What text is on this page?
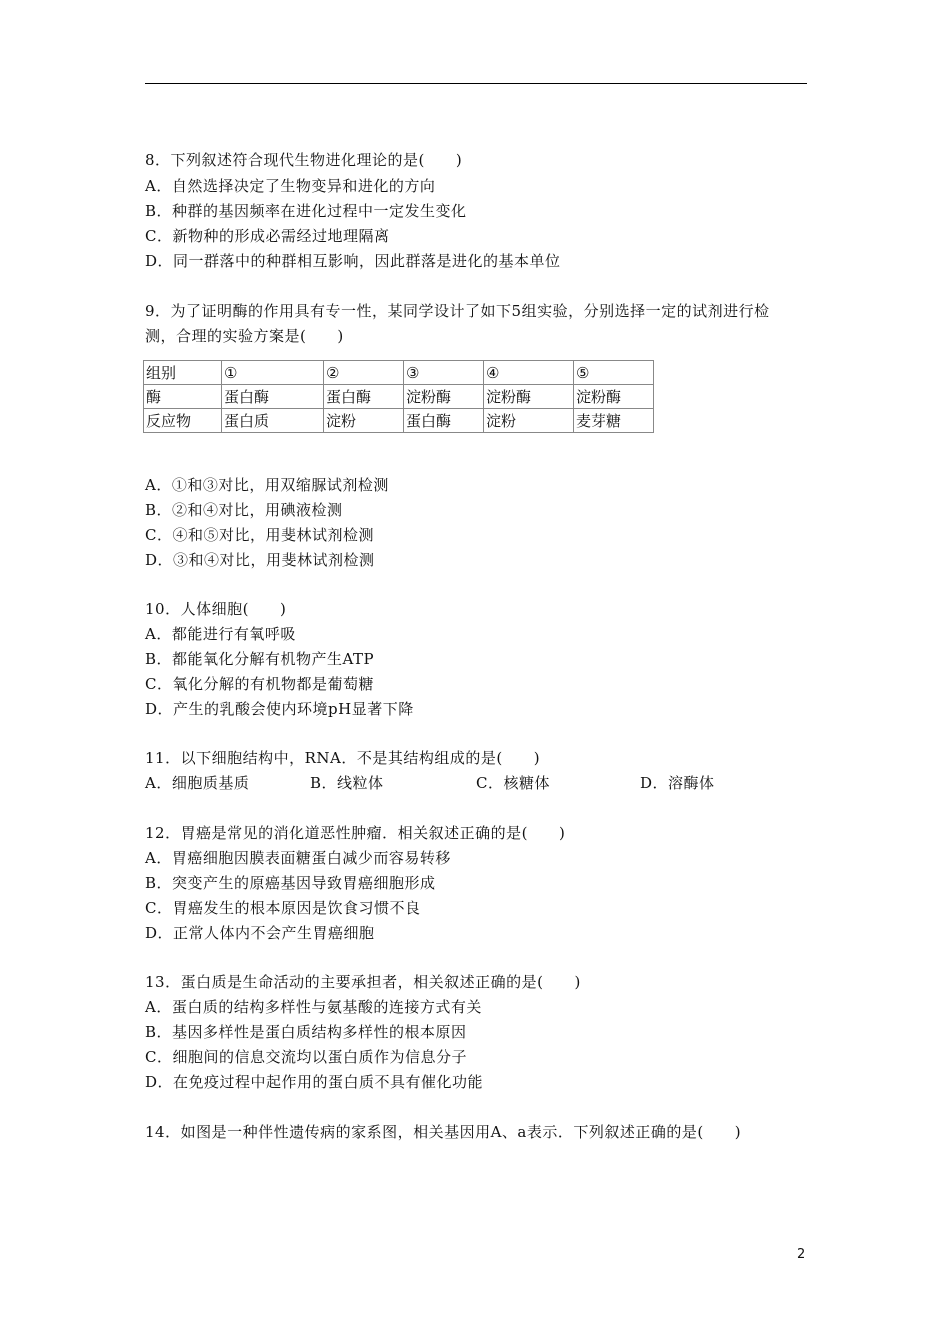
8．下列叙述符合现代生物进化理论的是(　　)
A．自然选择决定了生物变异和进化的方向
B．种群的基因频率在进化过程中一定发生变化
C．新物种的形成必需经过地理隔离
D．同一群落中的种群相互影响，因此群落是进化的基本单位
9．为了证明酶的作用具有专一性，某同学设计了如下5组实验，分别选择一定的试剂进行检
测，合理的实验方案是(　　)
组别	①	②	③	④	⑤
酶	蛋白酶	蛋白酶	淀粉酶	淀粉酶	淀粉酶
反应物	蛋白质	淀粉	蛋白酶	淀粉	麦芽糖
A．①和③对比，用双缩脲试剂检测
B．②和④对比，用碘液检测
C．④和⑤对比，用斐林试剂检测
D．③和④对比，用斐林试剂检测
10．人体细胞(　　)
A．都能进行有氧呼吸
B．都能氧化分解有机物产生ATP
C．氧化分解的有机物都是葡萄糖
D．产生的乳酸会使内环境pH显著下降
11．以下细胞结构中，RNA．不是其结构组成的是(　　)
A．细胞质基质	B．线粒体	C．核糖体	D．溶酶体
12．胃癌是常见的消化道恶性肿瘤．相关叙述正确的是(　　)
A．胃癌细胞因膜表面糖蛋白减少而容易转移
B．突变产生的原癌基因导致胃癌细胞形成
C．胃癌发生的根本原因是饮食习惯不良
D．正常人体内不会产生胃癌细胞
13．蛋白质是生命活动的主要承担者，相关叙述正确的是(　　)
A．蛋白质的结构多样性与氨基酸的连接方式有关
B．基因多样性是蛋白质结构多样性的根本原因
C．细胞间的信息交流均以蛋白质作为信息分子
D．在免疫过程中起作用的蛋白质不具有催化功能
14．如图是一种伴性遗传病的家系图，相关基因用A、a表示．下列叙述正确的是(　　)
2
